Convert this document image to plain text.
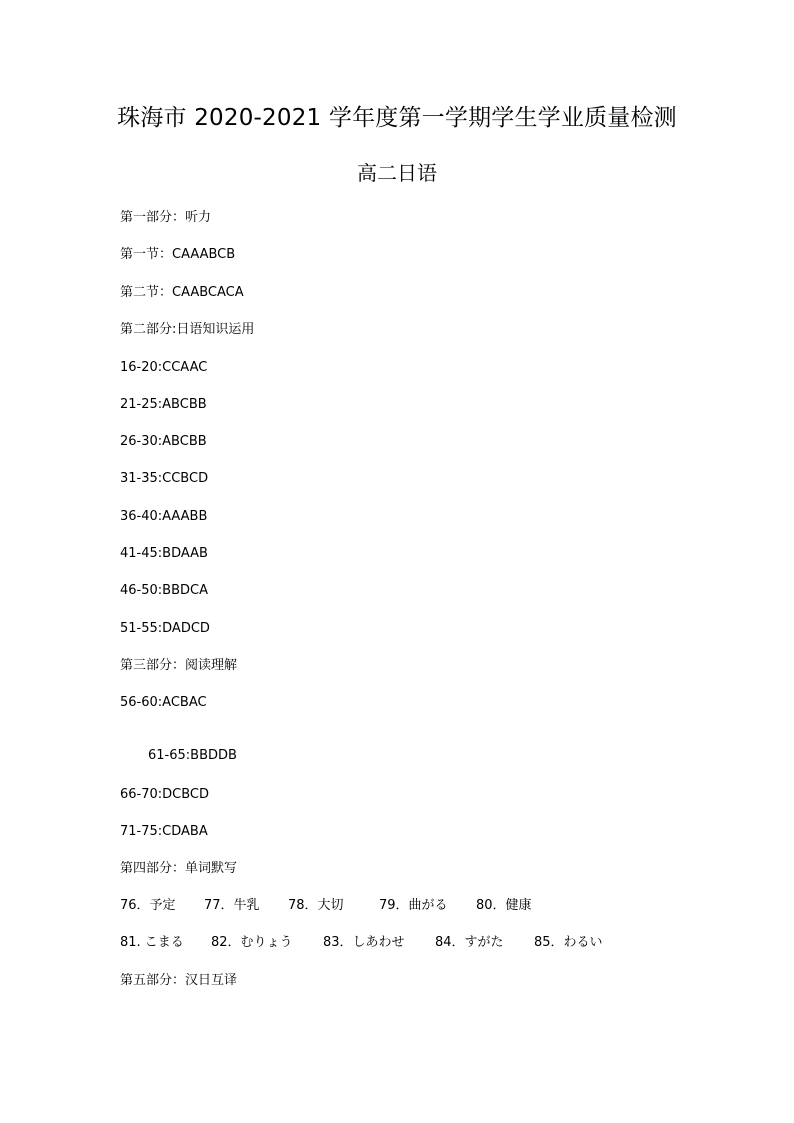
珠海市 2020-2021 学年度第一学期学生学业质量检测
高二日语
第一部分：听力
第一节：CAAABCB
第二节：CAABCACA
第二部分:日语知识运用
16-20:CCAAC
21-25:ABCBB
26-30:ABCBB
31-35:CCBCD
36-40:AAABB
41-45:BDAAB
46-50:BBDCA
51-55:DADCD
第三部分：阅读理解
56-60:ACBAC
61-65:BBDDB
66-70:DCBCD
71-75:CDABA
第四部分：单词默写
76．予定	77．牛乳	78．大切	79．曲がる	80．健康
81. こまる	82．むりょう	83．しあわせ	84．すがた	85．わるい
第五部分：汉日互译
